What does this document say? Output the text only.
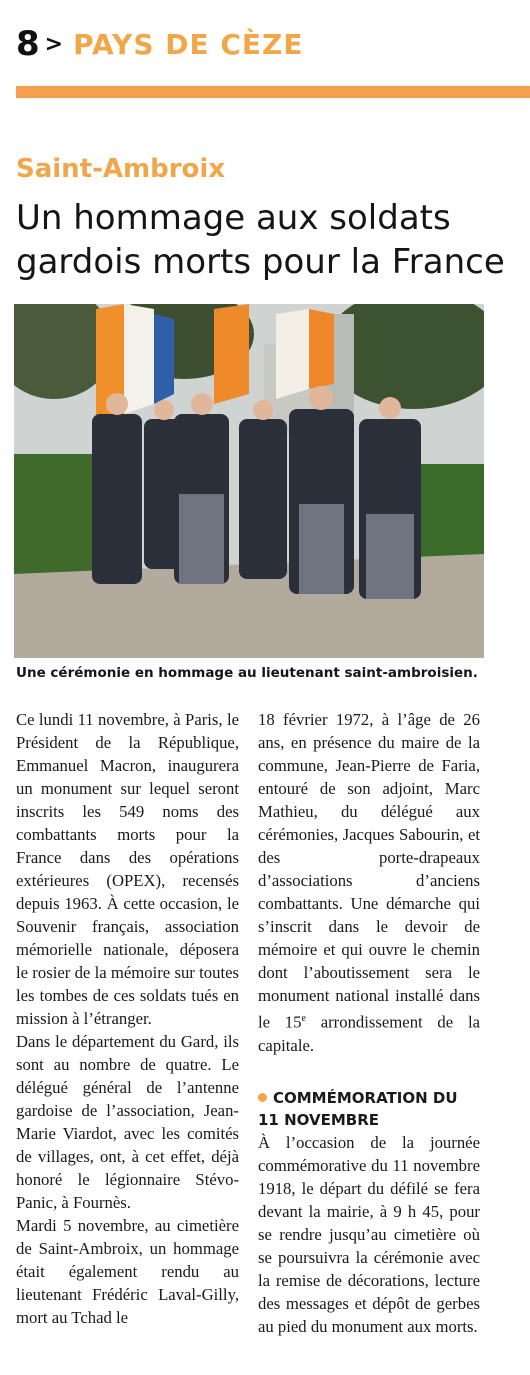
8 > PAYS DE CÈZE
Saint-Ambroix
Un hommage aux soldats
gardois morts pour la France
Une cérémonie en hommage au lieutenant saint-ambroisien.

Ce lundi 11 novembre, à Paris, le Président de la République, Emmanuel Macron, inaugurera un monument sur lequel seront inscrits les 549 noms des combattants morts pour la France dans des opérations extérieures (OPEX), recensés depuis 1963. À cette occasion, le Souvenir français, association mémorielle nationale, déposera le rosier de la mémoire sur toutes les tombes de ces soldats tués en mission à l’étranger.

Dans le département du Gard, ils sont au nombre de quatre. Le délégué général de l’antenne gardoise de l’association, Jean-Marie Viardot, avec les comités de villages, ont, à cet effet, déjà honoré le légionnaire Stévo-Panic, à Fournès.

Mardi 5 novembre, au cimetière de Saint-Ambroix, un hommage était également rendu au lieutenant Frédéric Laval-Gilly, mort au Tchad le

18 février 1972, à l’âge de 26 ans, en présence du maire de la commune, Jean-Pierre de Faria, entouré de son adjoint, Marc Mathieu, du délégué aux cérémonies, Jacques Sabourin, et des porte-drapeaux d’associations d’anciens combattants. Une démarche qui s’inscrit dans le devoir de mémoire et qui ouvre le chemin dont l’aboutissement sera le monument national installé dans le 15e arrondissement de la capitale.

COMMÉMORATION DU 11 NOVEMBRE

À l’occasion de la journée commémorative du 11 novembre 1918, le départ du défilé se fera devant la mairie, à 9 h 45, pour se rendre jusqu’au cimetière où se poursuivra la cérémonie avec la remise de décorations, lecture des messages et dépôt de gerbes au pied du monument aux morts.
